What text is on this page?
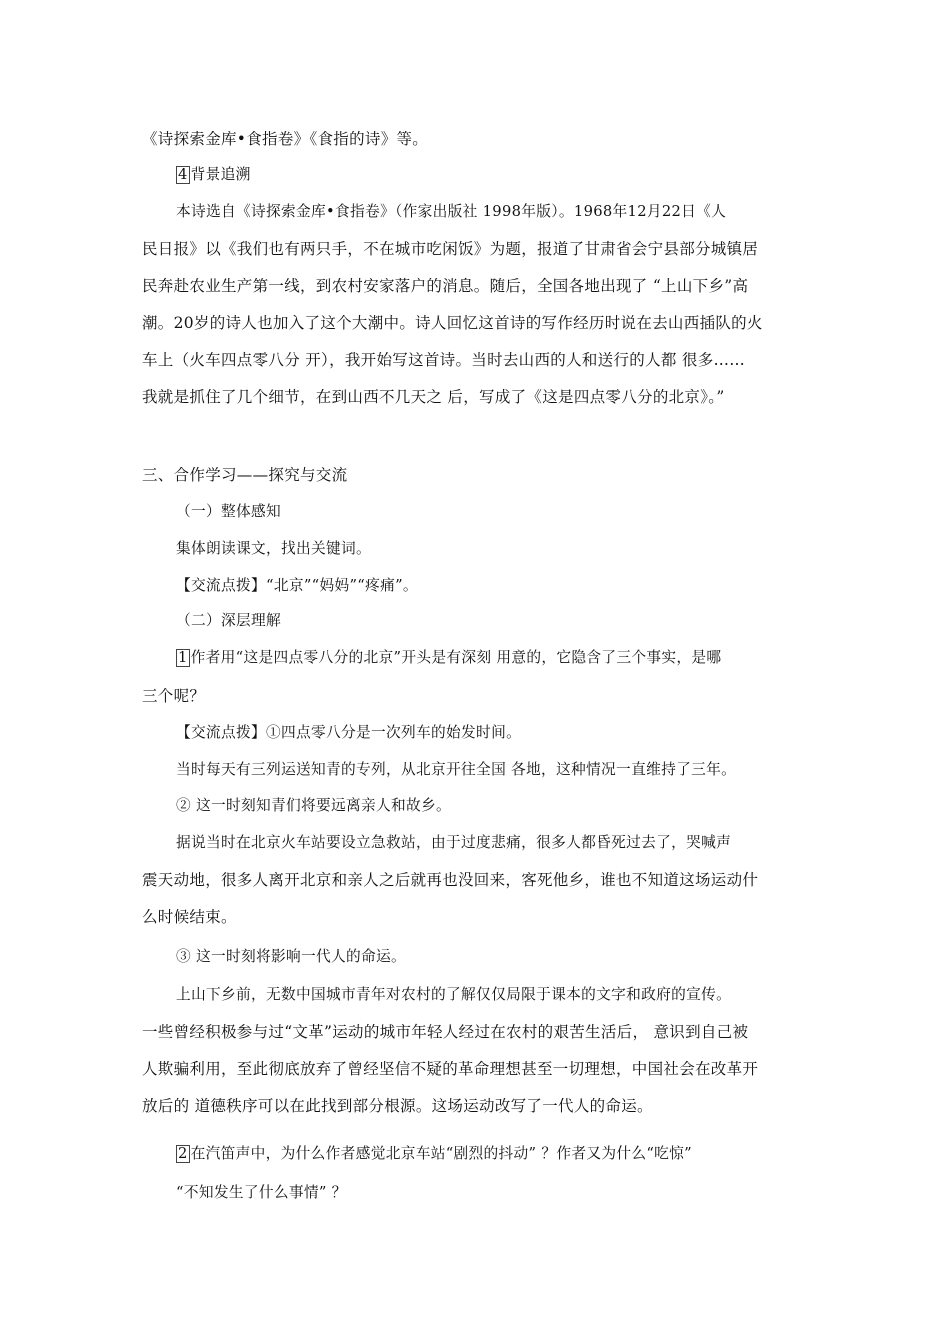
《诗探索金库•食指卷》《食指的诗》等。
4 背景追溯
本诗选自《诗探索金库•食指卷》（作家出版社 1998年版）。1968年12月22日《人
民日报》以《我们也有两只手，不在城市吃闲饭》为题，报道了甘肃省会宁县部分城镇居
民奔赴农业生产第一线，到农村安家落户的消息。随后，全国各地出现了 “上山下乡”高
潮。20岁的诗人也加入了这个大潮中。诗人回忆这首诗的写作经历时说在去山西插队的火
车上（火车四点零八分 开），我开始写这首诗。当时去山西的人和送行的人都 很多……
我就是抓住了几个细节，在到山西不几天之 后，写成了《这是四点零八分的北京》。”
三、合作学习——探究与交流
（一）整体感知
集体朗读课文，找出关键词。
【交流点拨】“北京”“妈妈”“疼痛”。
（二）深层理解
1 作者用“这是四点零八分的北京”开头是有深刻 用意的，它隐含了三个事实，是哪
三个呢？
【交流点拨】①四点零八分是一次列车的始发时间。
当时每天有三列运送知青的专列，从北京开往全国 各地，这种情况一直维持了三年。
② 这一时刻知青们将要远离亲人和故乡。
据说当时在北京火车站要设立急救站，由于过度悲痛，很多人都昏死过去了，哭喊声
震天动地，很多人离开北京和亲人之后就再也没回来，客死他乡，谁也不知道这场运动什
么时候结束。
③ 这一时刻将影响一代人的命运。
上山下乡前，无数中国城市青年对农村的了解仅仅局限于课本的文字和政府的宣传。
一些曾经积极参与过“文革”运动的城市年轻人经过在农村的艰苦生活后， 意识到自己被
人欺骗利用，至此彻底放弃了曾经坚信不疑的革命理想甚至一切理想，中国社会在改革开
放后的 道德秩序可以在此找到部分根源。这场运动改写了一代人的命运。
2 在汽笛声中，为什么作者感觉北京车站“剧烈的抖动” ？作者又为什么“吃惊”
“不知发生了什么事情” ？
